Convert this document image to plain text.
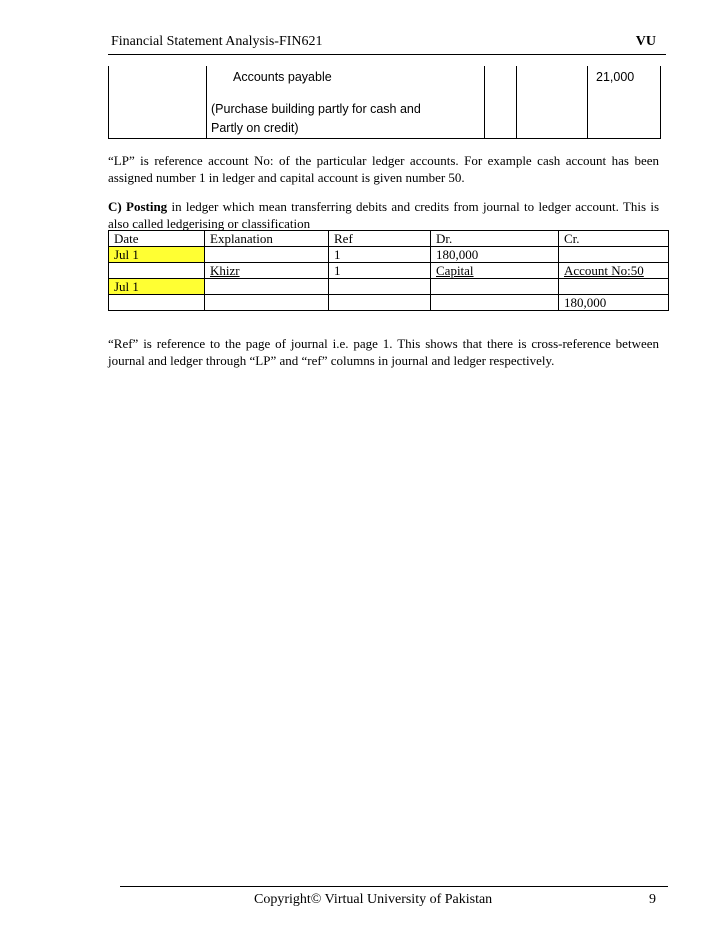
Financial Statement Analysis-FIN621	VU
Accounts payable	21,000
(Purchase building partly for cash and
Partly on credit)
“LP” is reference account No: of the particular ledger accounts. For example cash account has been assigned number 1 in ledger and capital account is given number 50.
C) Posting in ledger which mean transferring debits and credits from journal to ledger account. This is also called ledgerising or classification
Date	Explanation	Ref	Dr.	Cr.
Jul 1		1	180,000	
	Khizr	1	Capital	Account No:50
Jul 1				
				180,000
“Ref” is reference to the page of journal i.e. page 1. This shows that there is cross-reference between journal and ledger through “LP” and “ref” columns in journal and ledger respectively.
Copyright© Virtual University of Pakistan	9
